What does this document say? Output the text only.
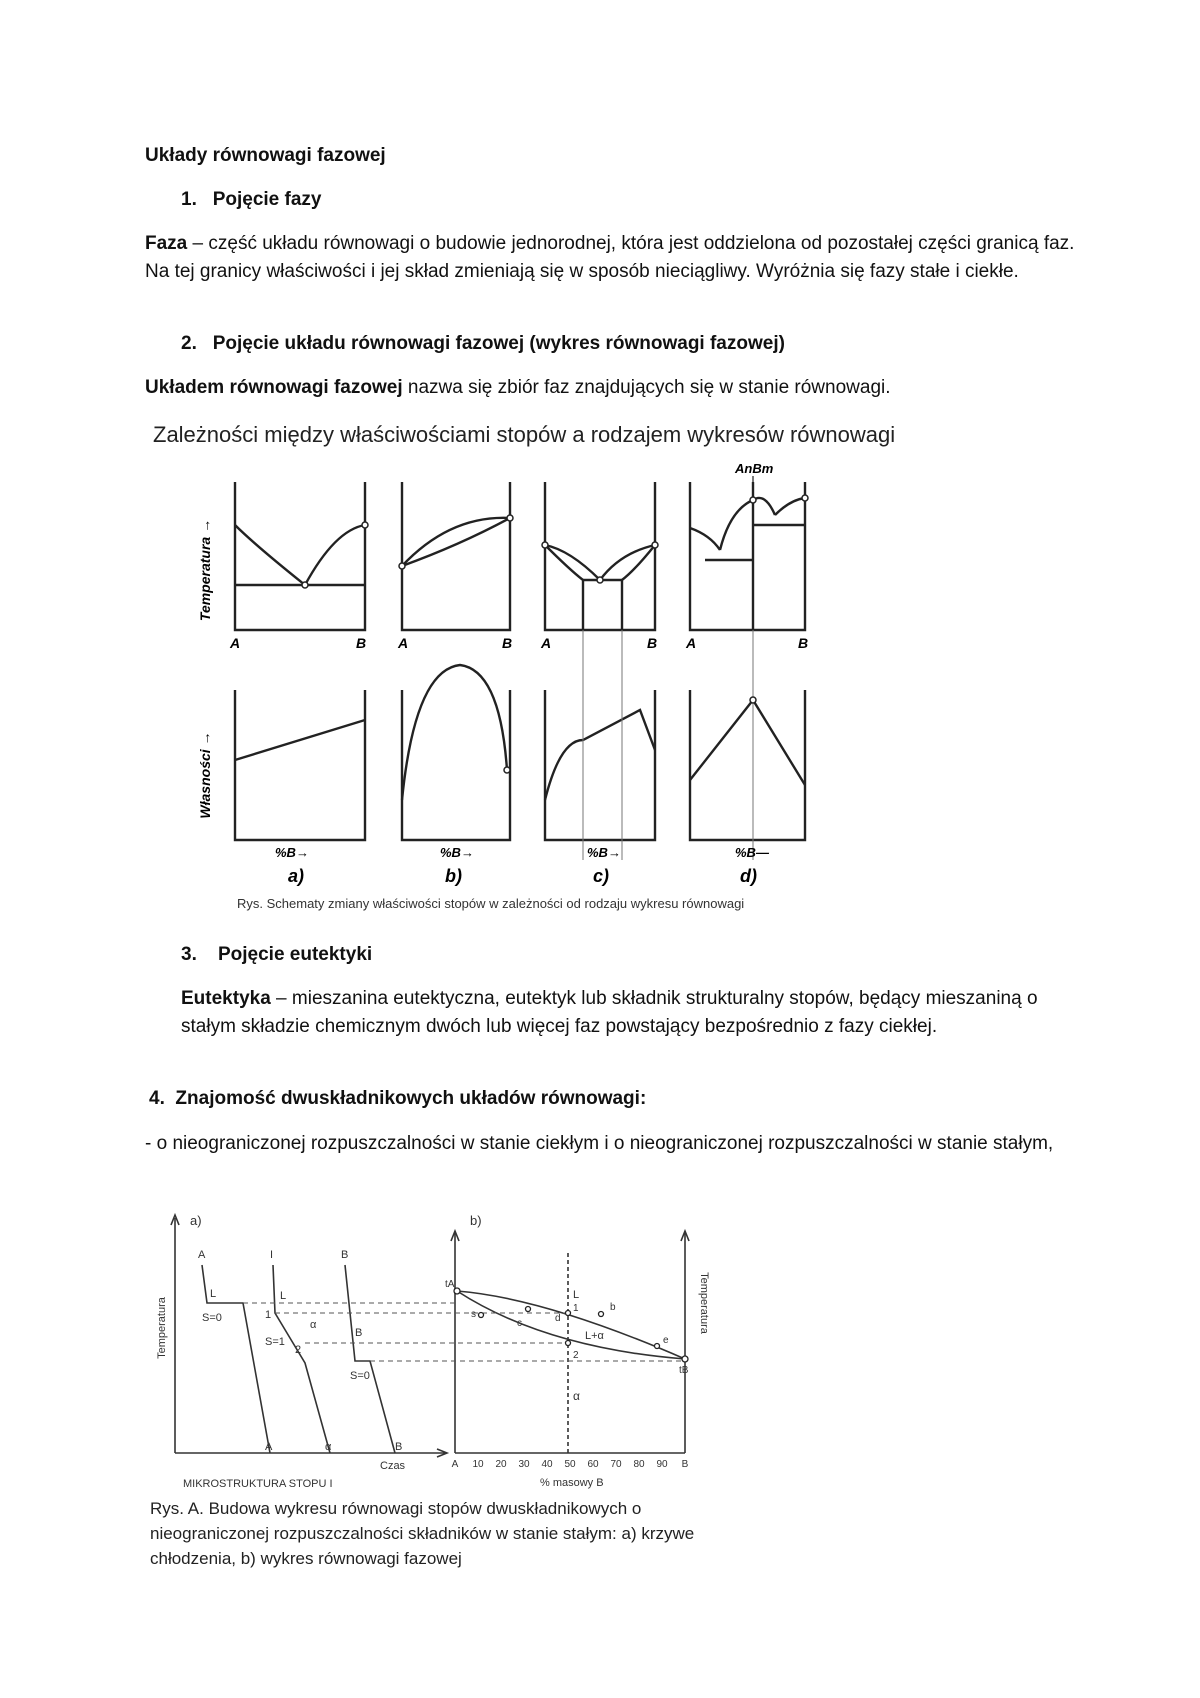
Układy równowagi fazowej

1. Pojęcie fazy

Faza – część układu równowagi o budowie jednorodnej, która jest oddzielona od pozostałej części granicą faz. Na tej granicy właściwości i jej skład zmieniają się w sposób nieciągliwy. Wyróżnia się fazy stałe i ciekłe.

2. Pojęcie układu równowagi fazowej (wykres równowagi fazowej)

Układem równowagi fazowej nazwa się zbiór faz znajdujących się w stanie równowagi.

Zależności między właściwościami stopów a rodzajem wykresów równowagi
Temperatura →
Własności →
AnBm
A	B A	B A	B A	B
%B→	%B→	%B→	%B—
a)	b)	c)	d)
Rys. Schematy zmiany właściwości stopów w zależności od rodzaju wykresu równowagi

3. Pojęcie eutektyki

Eutektyka – mieszanina eutektyczna, eutektyk lub składnik strukturalny stopów, będący mieszaniną o stałym składzie chemicznym dwóch lub więcej faz powstający bezpośrednio z fazy ciekłej.

4. Znajomość dwuskładnikowych układów równowagi:

- o nieograniczonej rozpuszczalności w stanie ciekłym i o nieograniczonej rozpuszczalności w stanie stałym,

a)	b)
Temperatura	Temperatura
A	I	B
L
S=0
L
1
S=1
α
2
B
S=0
A	α	B
Czas
tA
tB
L
1
2
L+α
α
s
c	d
b
e
A 10 20 30 40 50 60 70 80 90 B
MIKROSTRUKTURA STOPU I	% masowy B

Rys. A. Budowa wykresu równowagi stopów dwuskładnikowych o nieograniczonej rozpuszczalności składników w stanie stałym: a) krzywe chłodzenia, b) wykres równowagi fazowej
